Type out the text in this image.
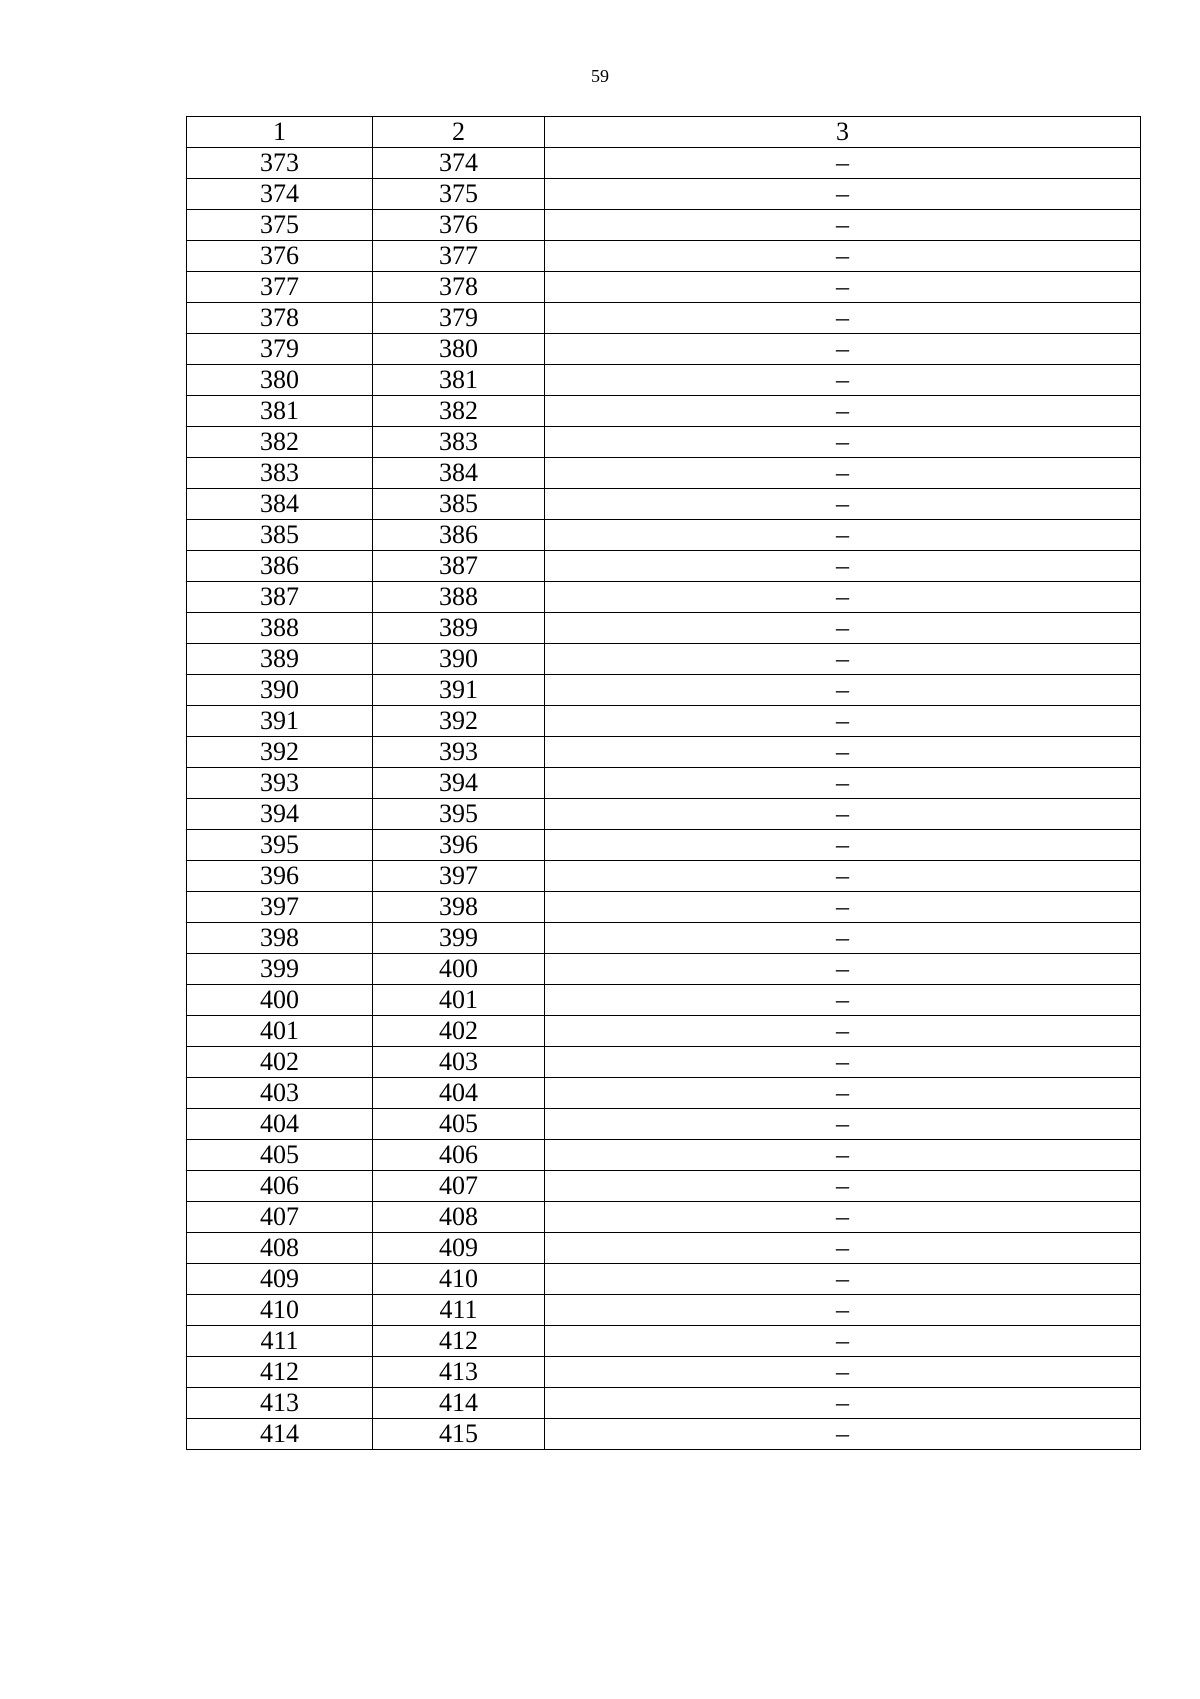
59
1	2	3
373	374	–
374	375	–
375	376	–
376	377	–
377	378	–
378	379	–
379	380	–
380	381	–
381	382	–
382	383	–
383	384	–
384	385	–
385	386	–
386	387	–
387	388	–
388	389	–
389	390	–
390	391	–
391	392	–
392	393	–
393	394	–
394	395	–
395	396	–
396	397	–
397	398	–
398	399	–
399	400	–
400	401	–
401	402	–
402	403	–
403	404	–
404	405	–
405	406	–
406	407	–
407	408	–
408	409	–
409	410	–
410	411	–
411	412	–
412	413	–
413	414	–
414	415	–
